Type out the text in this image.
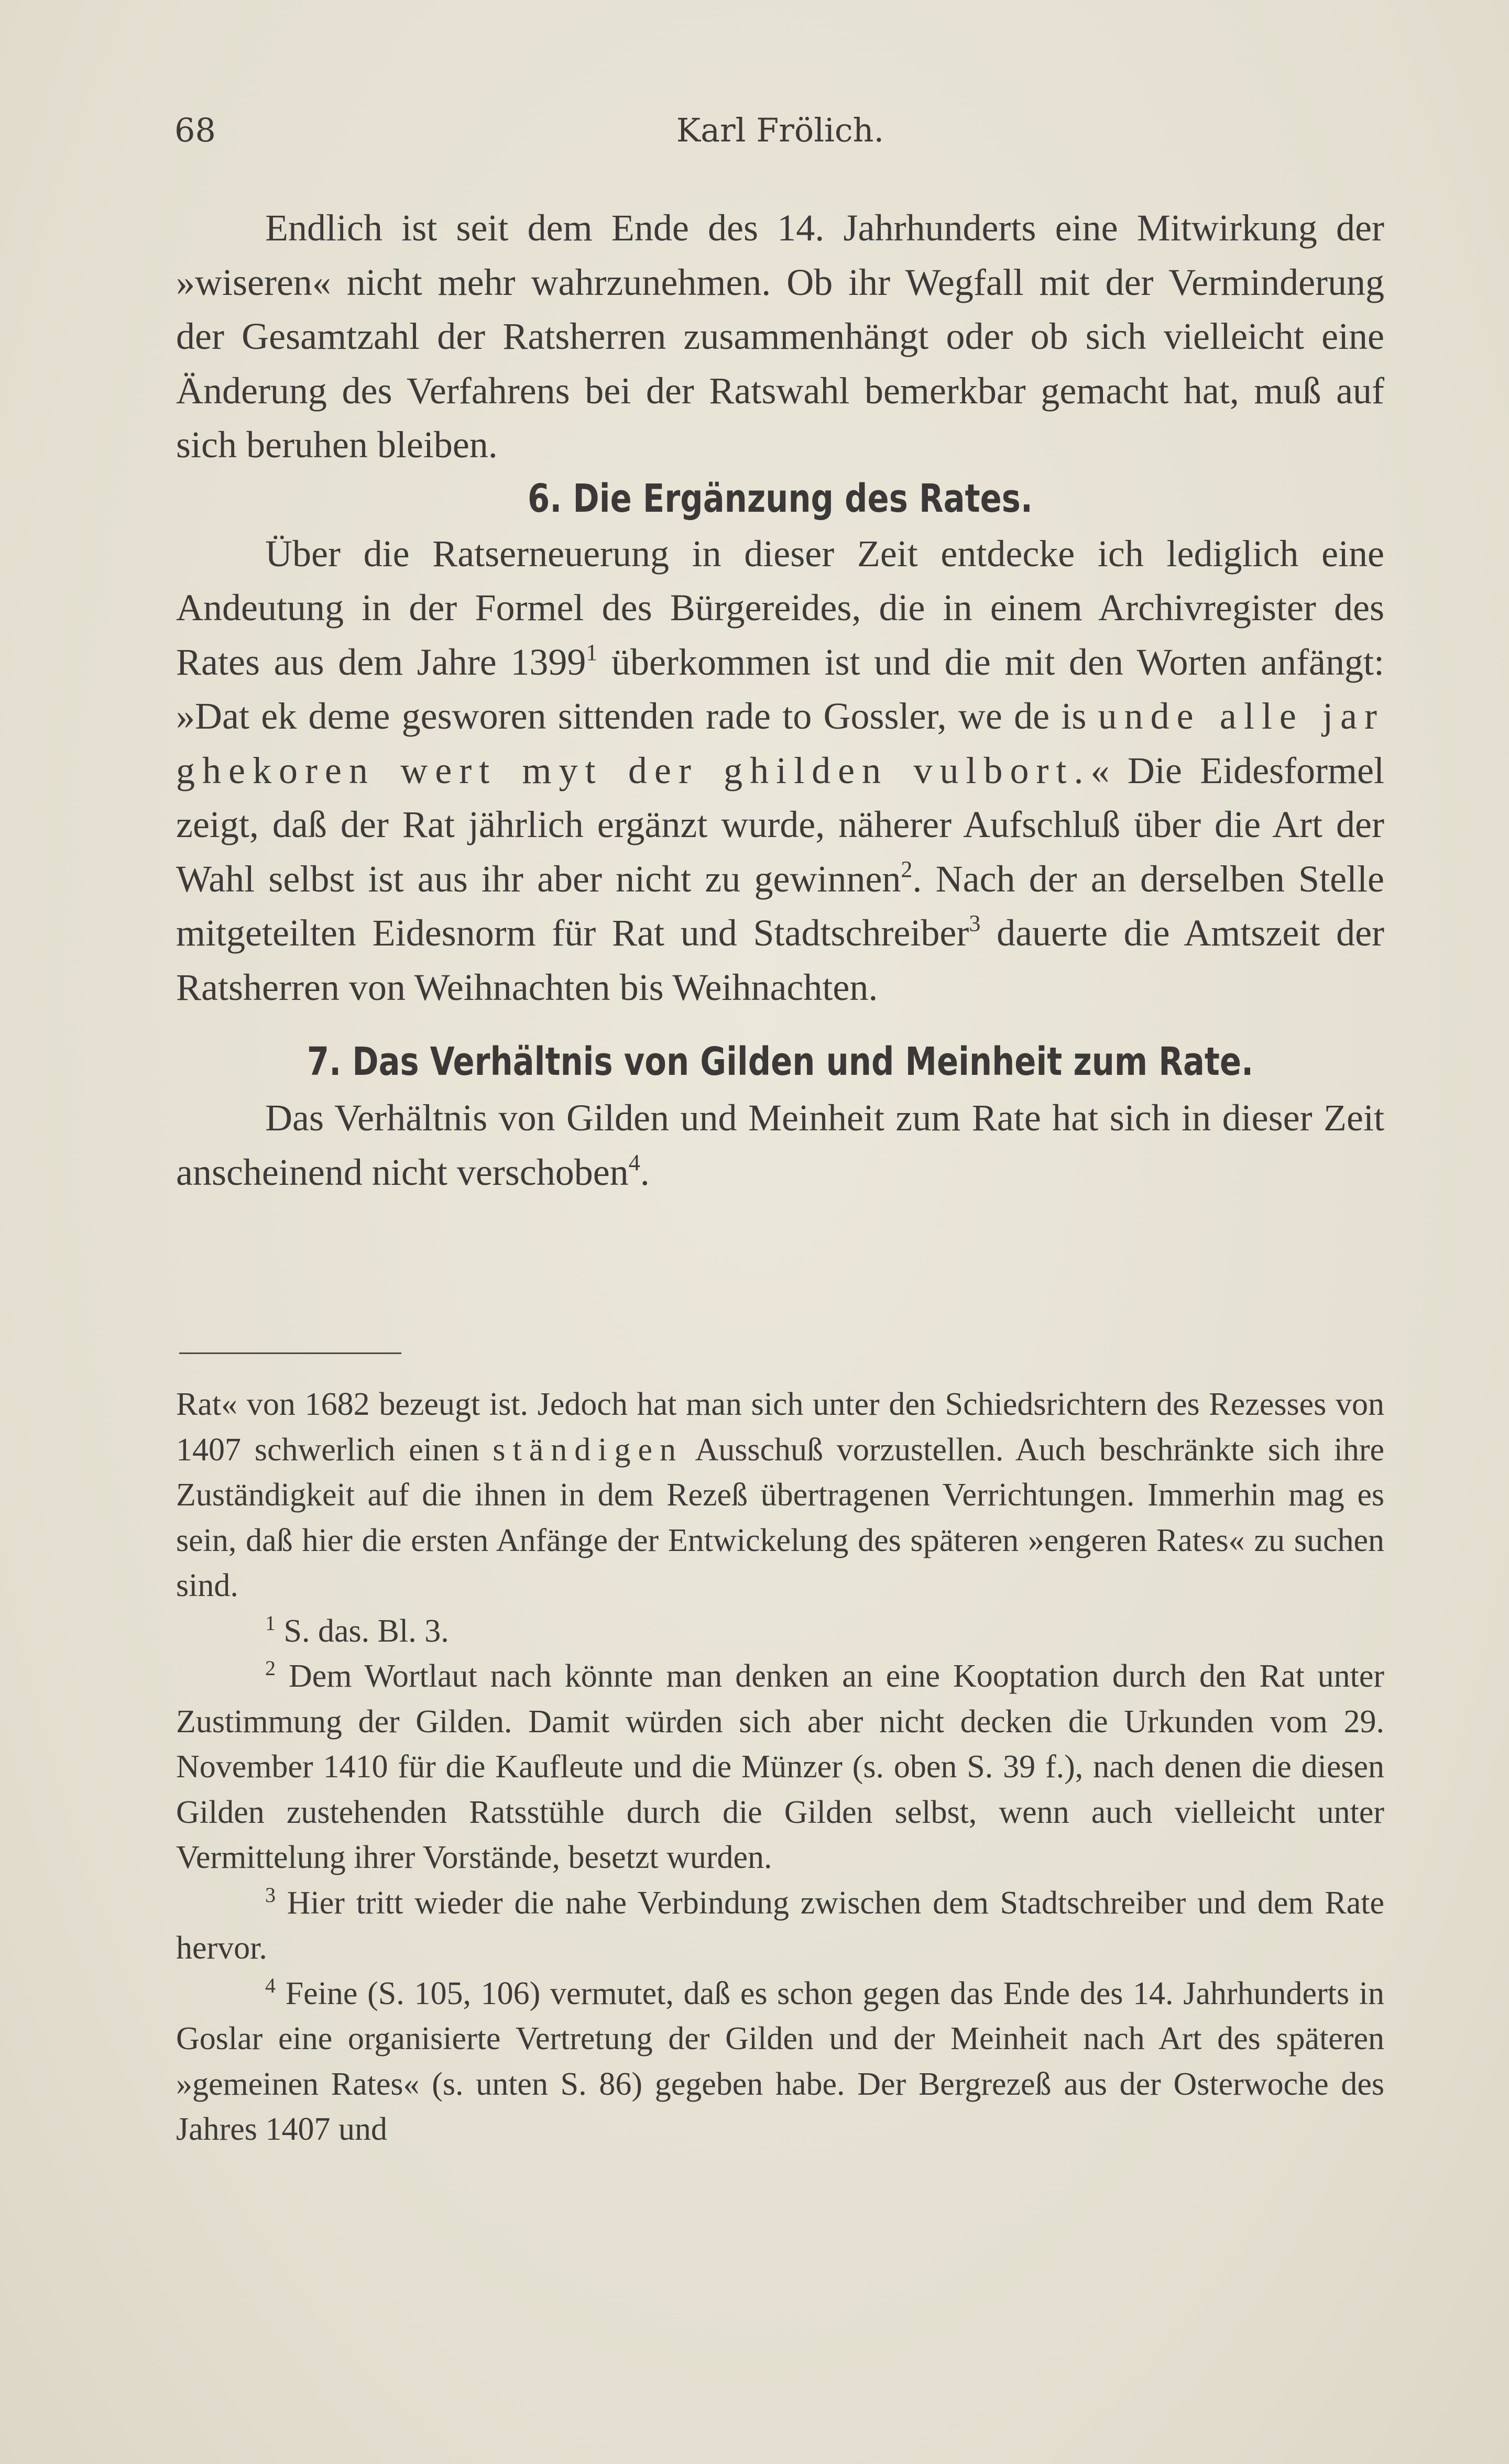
68	Karl Frölich.

Endlich ist seit dem Ende des 14. Jahrhunderts eine Mitwirkung der »wiseren« nicht mehr wahrzunehmen. Ob ihr Wegfall mit der Verminderung der Gesamtzahl der Ratsherren zusammenhängt oder ob sich vielleicht eine Änderung des Verfahrens bei der Ratswahl bemerkbar gemacht hat, muß auf sich beruhen bleiben.

6. Die Ergänzung des Rates.

Über die Ratserneuerung in dieser Zeit entdecke ich lediglich eine Andeutung in der Formel des Bürgereides, die in einem Archivregister des Rates aus dem Jahre 1399$^1$ überkommen ist und die mit den Worten anfängt: »Dat ek deme gesworen sittenden rade to Gossler, we de is unde alle jar ghekoren wert myt der ghilden vulbort.« Die Eidesformel zeigt, daß der Rat jährlich ergänzt wurde, näherer Aufschluß über die Art der Wahl selbst ist aus ihr aber nicht zu gewinnen$^2$. Nach der an derselben Stelle mitgeteilten Eidesnorm für Rat und Stadtschreiber$^3$ dauerte die Amtszeit der Ratsherren von Weihnachten bis Weihnachten.

7. Das Verhältnis von Gilden und Meinheit zum Rate.

Das Verhältnis von Gilden und Meinheit zum Rate hat sich in dieser Zeit anscheinend nicht verschoben$^4$.

Rat« von 1682 bezeugt ist. Jedoch hat man sich unter den Schiedsrichtern des Rezesses von 1407 schwerlich einen ständigen Ausschuß vorzustellen. Auch beschränkte sich ihre Zuständigkeit auf die ihnen in dem Rezeß übertragenen Verrichtungen. Immerhin mag es sein, daß hier die ersten Anfänge der Entwickelung des späteren »engeren Rates« zu suchen sind.

$^1$ S. das. Bl. 3.

$^2$ Dem Wortlaut nach könnte man denken an eine Kooptation durch den Rat unter Zustimmung der Gilden. Damit würden sich aber nicht decken die Urkunden vom 29. November 1410 für die Kaufleute und die Münzer (s. oben S. 39 f.), nach denen die diesen Gilden zustehenden Ratsstühle durch die Gilden selbst, wenn auch vielleicht unter Vermittelung ihrer Vorstände, besetzt wurden.

$^3$ Hier tritt wieder die nahe Verbindung zwischen dem Stadtschreiber und dem Rate hervor.

$^4$ Feine (S. 105, 106) vermutet, daß es schon gegen das Ende des 14. Jahrhunderts in Goslar eine organisierte Vertretung der Gilden und der Meinheit nach Art des späteren »gemeinen Rates« (s. unten S. 86) gegeben habe. Der Bergrezeß aus der Osterwoche des Jahres 1407 und
